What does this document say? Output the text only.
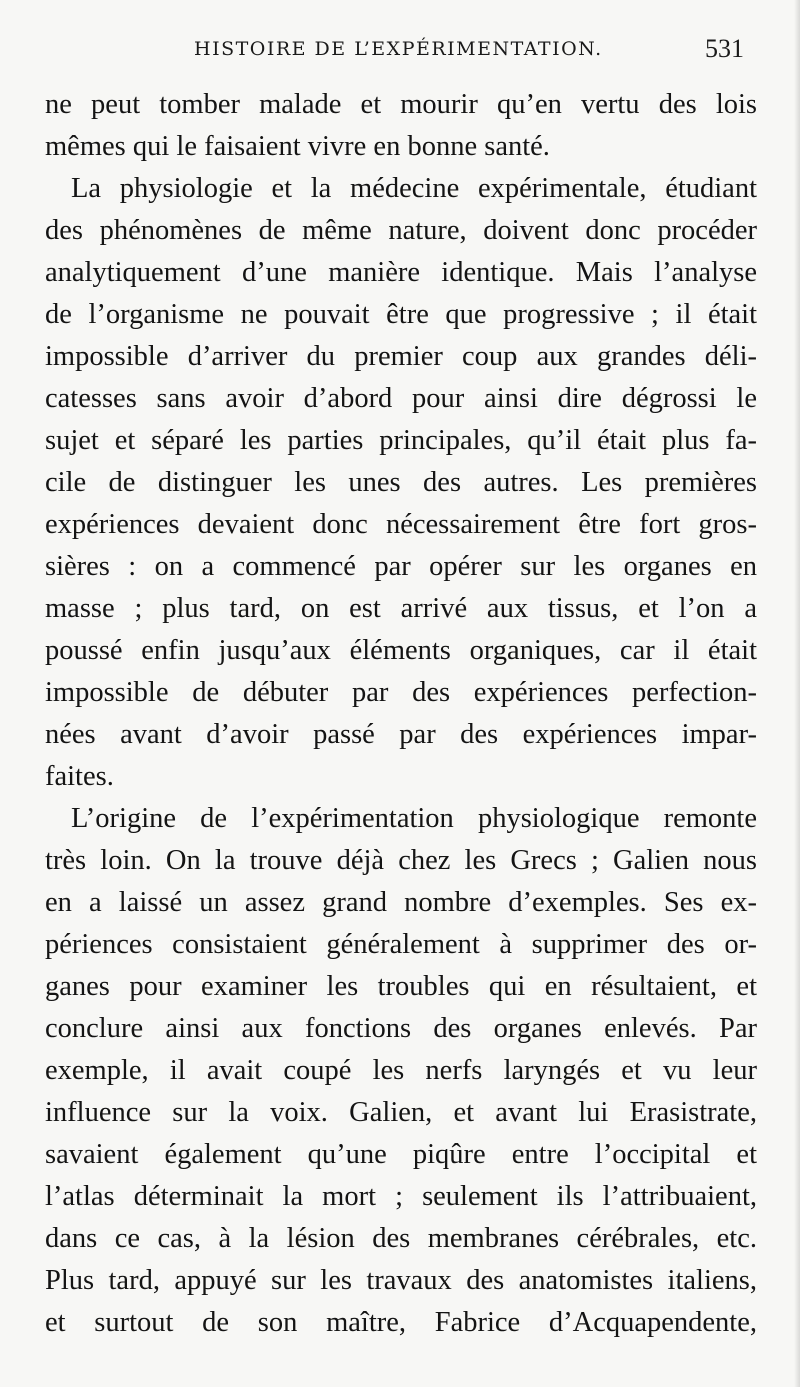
HISTOIRE DE L’EXPÉRIMENTATION.	531
ne peut tomber malade et mourir qu’en vertu des lois
mêmes qui le faisaient vivre en bonne santé.
La physiologie et la médecine expérimentale, étudiant
des phénomènes de même nature, doivent donc procéder
analytiquement d’une manière identique. Mais l’analyse
de l’organisme ne pouvait être que progressive ; il était
impossible d’arriver du premier coup aux grandes déli-
catesses sans avoir d’abord pour ainsi dire dégrossi le
sujet et séparé les parties principales, qu’il était plus fa-
cile de distinguer les unes des autres. Les premières
expériences devaient donc nécessairement être fort gros-
sières : on a commencé par opérer sur les organes en
masse ; plus tard, on est arrivé aux tissus, et l’on a
poussé enfin jusqu’aux éléments organiques, car il était
impossible de débuter par des expériences perfection-
nées avant d’avoir passé par des expériences impar-
faites.
L’origine de l’expérimentation physiologique remonte
très loin. On la trouve déjà chez les Grecs ; Galien nous
en a laissé un assez grand nombre d’exemples. Ses ex-
périences consistaient généralement à supprimer des or-
ganes pour examiner les troubles qui en résultaient, et
conclure ainsi aux fonctions des organes enlevés. Par
exemple, il avait coupé les nerfs laryngés et vu leur
influence sur la voix. Galien, et avant lui Erasistrate,
savaient également qu’une piqûre entre l’occipital et
l’atlas déterminait la mort ; seulement ils l’attribuaient,
dans ce cas, à la lésion des membranes cérébrales, etc.
Plus tard, appuyé sur les travaux des anatomistes italiens,
et surtout de son maître, Fabrice d’Acquapendente,
